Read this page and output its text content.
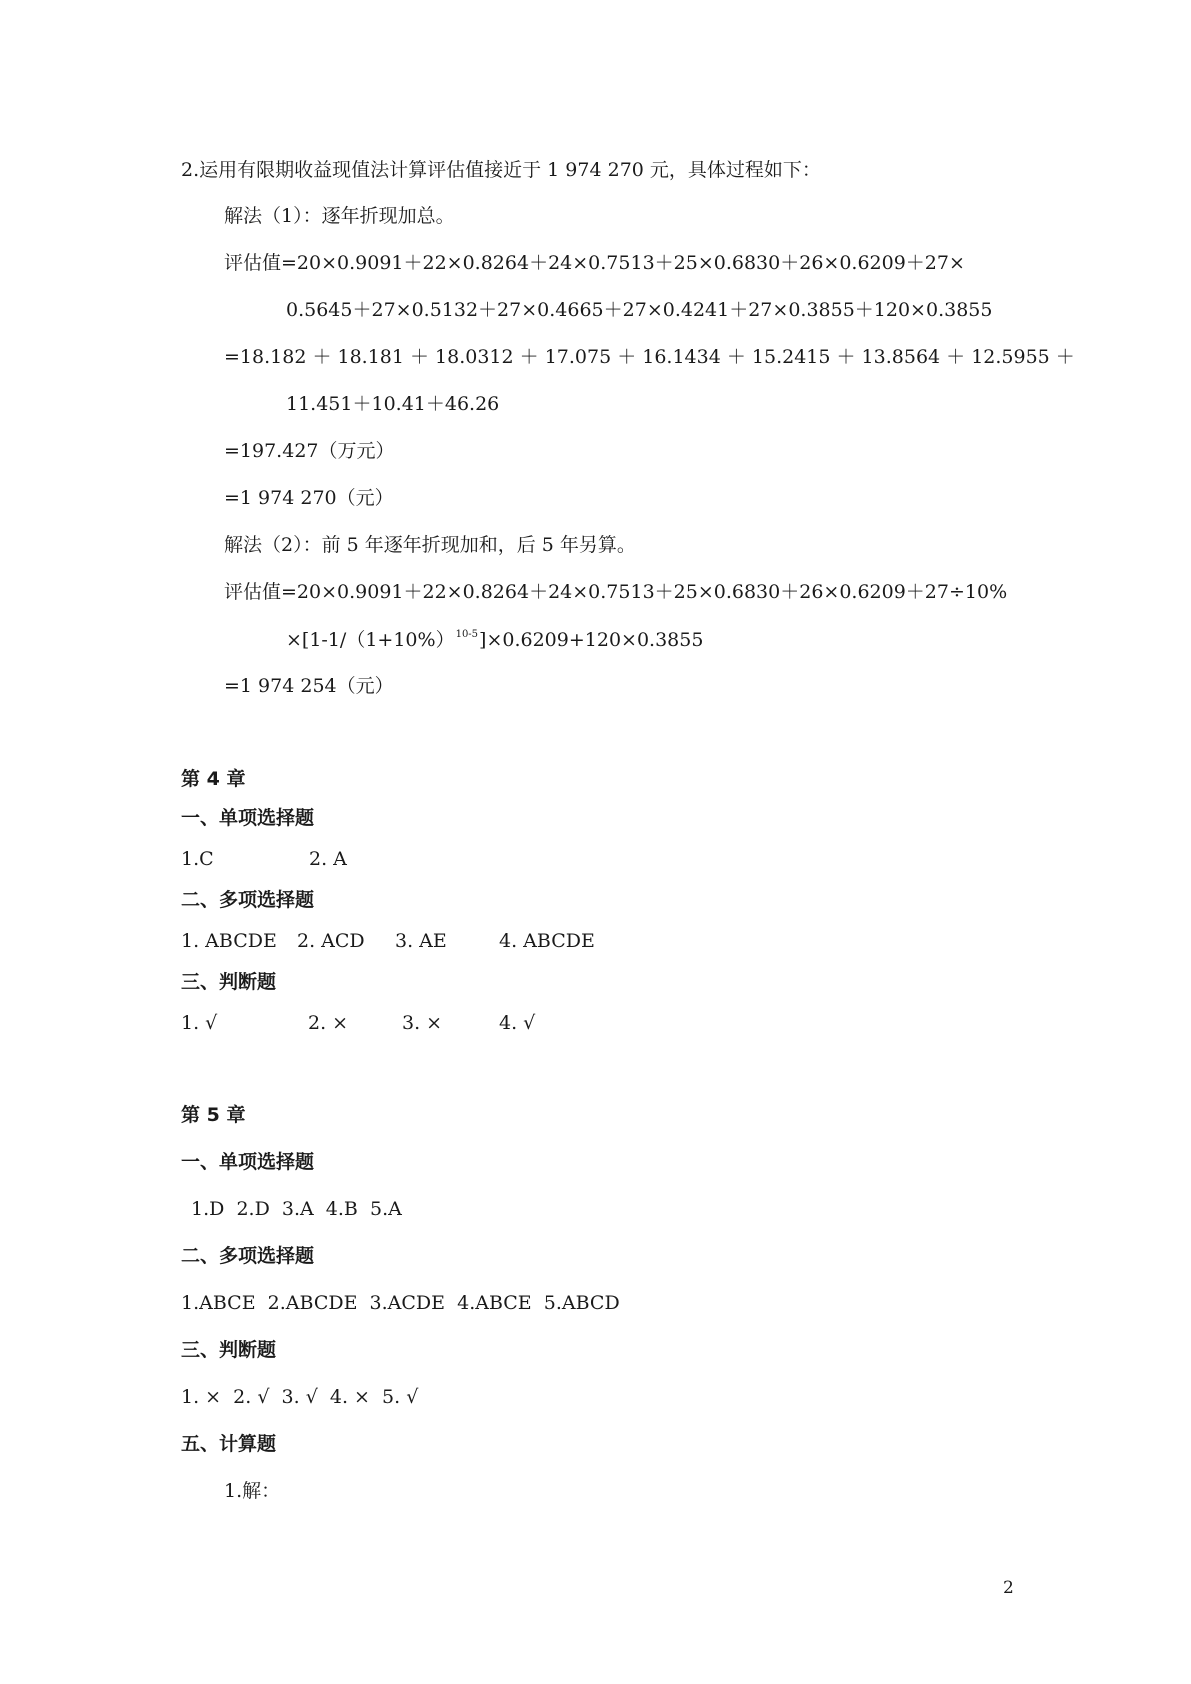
2.运用有限期收益现值法计算评估值接近于 1 974 270 元，具体过程如下：
解法（1）：逐年折现加总。
评估值=20×0.9091＋22×0.8264＋24×0.7513＋25×0.6830＋26×0.6209＋27×
0.5645＋27×0.5132＋27×0.4665＋27×0.4241＋27×0.3855＋120×0.3855
=18.182 ＋ 18.181 ＋ 18.0312 ＋ 17.075 ＋ 16.1434 ＋ 15.2415 ＋ 13.8564 ＋ 12.5955 ＋
11.451＋10.41＋46.26
=197.427（万元）
=1 974 270（元）
解法（2）：前 5 年逐年折现加和，后 5 年另算。
评估值=20×0.9091＋22×0.8264＋24×0.7513＋25×0.6830＋26×0.6209＋27÷10%
$\times[1-1/(1+10\%)^{10-5}]\times 0.6209+120\times 0.3855$
=1 974 254（元）
第 4 章
一、单项选择题
1.C	2. A
二、多项选择题
1. ABCDE 2. ACD 3. AE	4. ABCDE
三、判断题
1. √	2. ×	3. ×	4. √
第 5 章
一、单项选择题
1.D  2.D  3.A  4.B  5.A
二、多项选择题
1.ABCE  2.ABCDE  3.ACDE  4.ABCE  5.ABCD
三、判断题
1. ×  2. √  3. √  4. ×  5. √
五、计算题
1.解：
2
